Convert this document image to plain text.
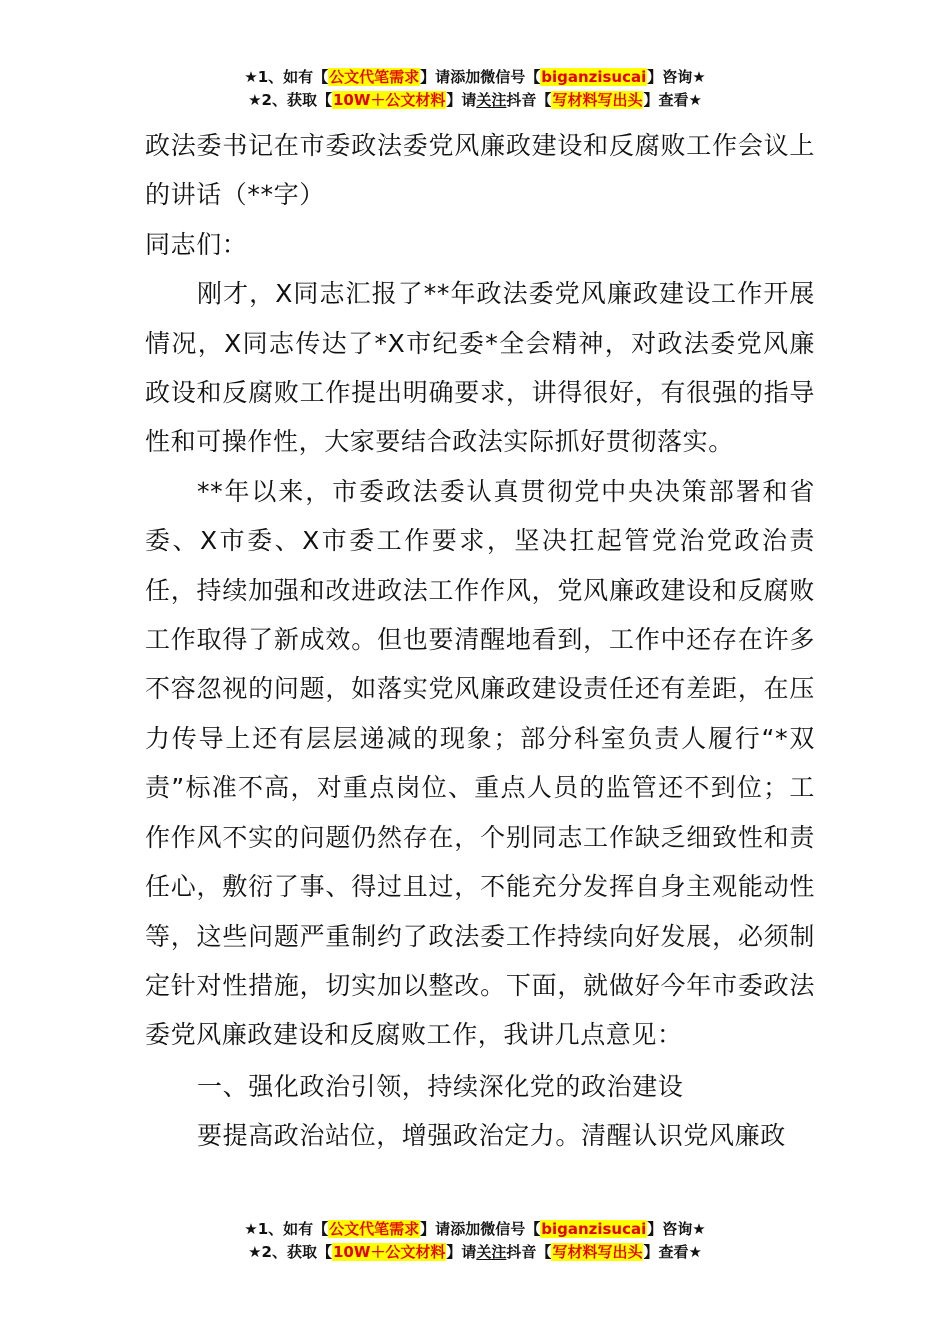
★1、如有【公文代笔需求】请添加微信号【biganzisucai】咨询★
★2、获取【10W＋公文材料】请关注抖音【写材料写出头】查看★

政法委书记在市委政法委党风廉政建设和反腐败工作会议上的讲话（**字）

同志们：

刚才，X同志汇报了**年政法委党风廉政建设工作开展情况，X同志传达了*X市纪委*全会精神，对政法委党风廉政设和反腐败工作提出明确要求，讲得很好，有很强的指导性和可操作性，大家要结合政法实际抓好贯彻落实。

**年以来，市委政法委认真贯彻党中央决策部署和省委、X市委、X市委工作要求，坚决扛起管党治党政治责任，持续加强和改进政法工作作风，党风廉政建设和反腐败工作取得了新成效。但也要清醒地看到，工作中还存在许多不容忽视的问题，如落实党风廉政建设责任还有差距，在压力传导上还有层层递减的现象；部分科室负责人履行“*双责”标准不高，对重点岗位、重点人员的监管还不到位；工作作风不实的问题仍然存在，个别同志工作缺乏细致性和责任心，敷衍了事、得过且过，不能充分发挥自身主观能动性等，这些问题严重制约了政法委工作持续向好发展，必须制定针对性措施，切实加以整改。下面，就做好今年市委政法委党风廉政建设和反腐败工作，我讲几点意见：

一、强化政治引领，持续深化党的政治建设

要提高政治站位，增强政治定力。清醒认识党风廉政

★1、如有【公文代笔需求】请添加微信号【biganzisucai】咨询★
★2、获取【10W＋公文材料】请关注抖音【写材料写出头】查看★
